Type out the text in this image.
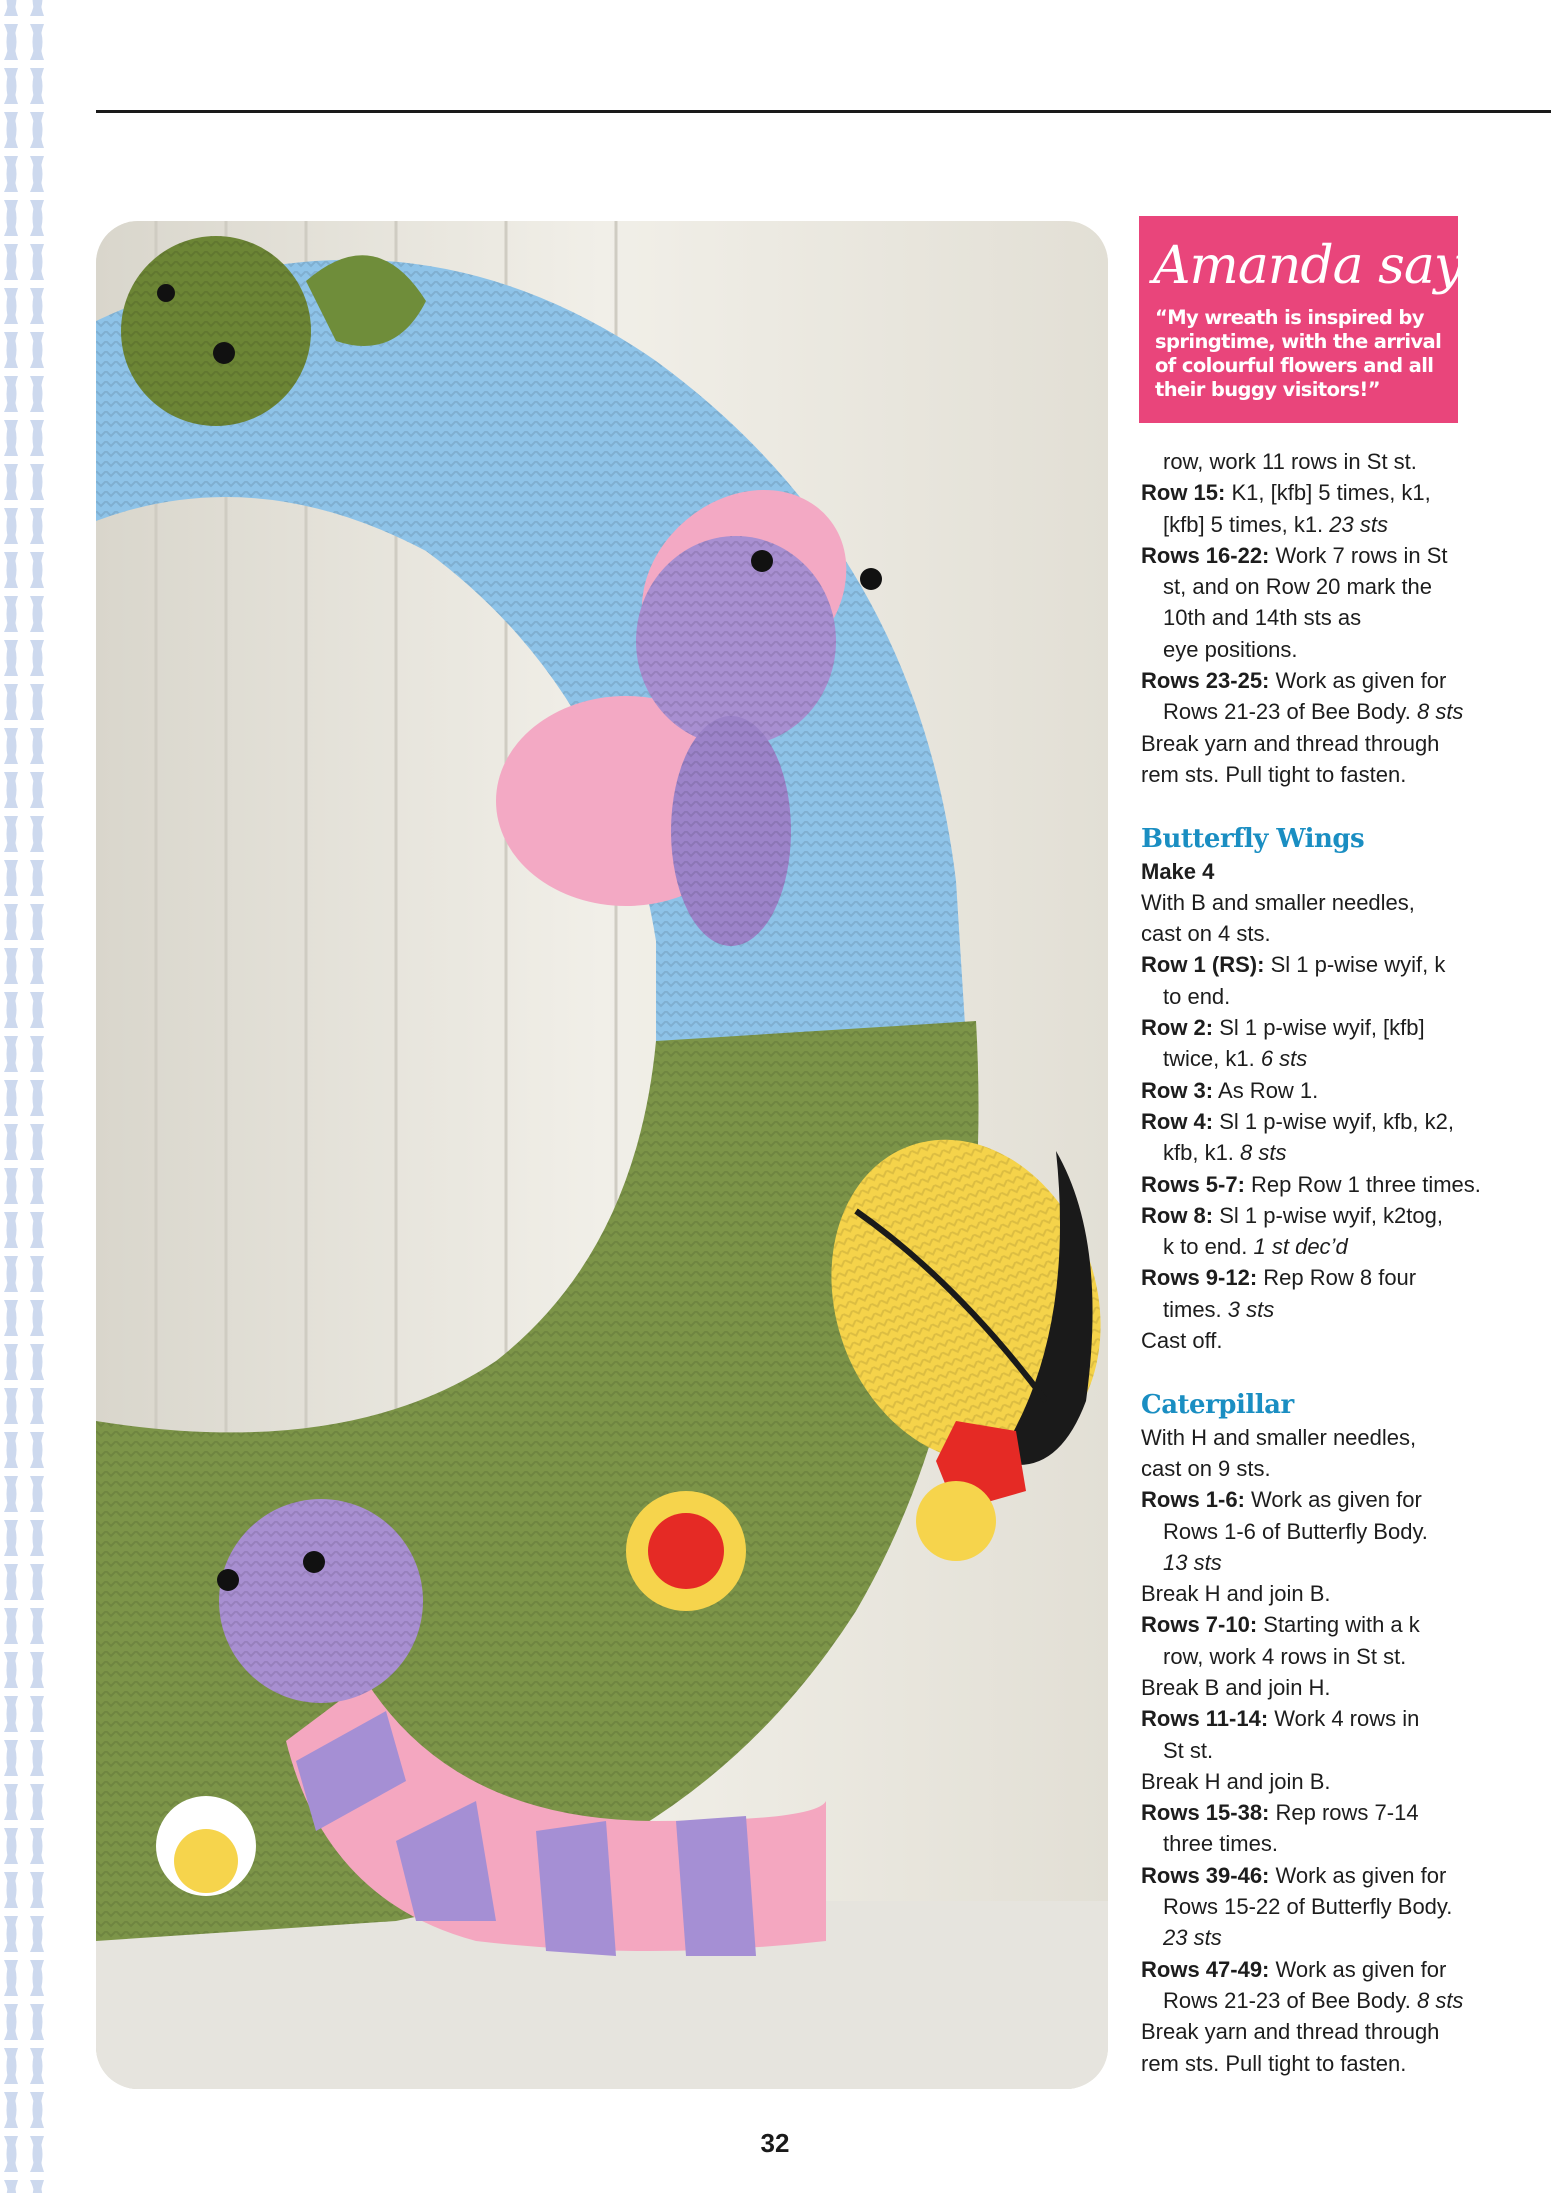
Amanda says

“My wreath is inspired by springtime, with the arrival of colourful flowers and all their buggy visitors!”

row, work 11 rows in St st.
Row 15: K1, [kfb] 5 times, k1,
[kfb] 5 times, k1. 23 sts
Rows 16-22: Work 7 rows in St
st, and on Row 20 mark the
10th and 14th sts as
eye positions.
Rows 23-25: Work as given for
Rows 21-23 of Bee Body. 8 sts
Break yarn and thread through
rem sts. Pull tight to fasten.
Butterfly Wings
Make 4
With B and smaller needles,
cast on 4 sts.
Row 1 (RS): Sl 1 p-wise wyif, k
to end.
Row 2: Sl 1 p-wise wyif, [kfb]
twice, k1. 6 sts
Row 3: As Row 1.
Row 4: Sl 1 p-wise wyif, kfb, k2,
kfb, k1. 8 sts
Rows 5-7: Rep Row 1 three times.
Row 8: Sl 1 p-wise wyif, k2tog,
k to end. 1 st dec’d
Rows 9-12: Rep Row 8 four
times. 3 sts
Cast off.
Caterpillar
With H and smaller needles,
cast on 9 sts.
Rows 1-6: Work as given for
Rows 1-6 of Butterfly Body.
13 sts
Break H and join B.
Rows 7-10: Starting with a k
row, work 4 rows in St st.
Break B and join H.
Rows 11-14: Work 4 rows in
St st.
Break H and join B.
Rows 15-38: Rep rows 7-14
three times.
Rows 39-46: Work as given for
Rows 15-22 of Butterfly Body.
23 sts
Rows 47-49: Work as given for
Rows 21-23 of Bee Body. 8 sts
Break yarn and thread through
rem sts. Pull tight to fasten.
32
